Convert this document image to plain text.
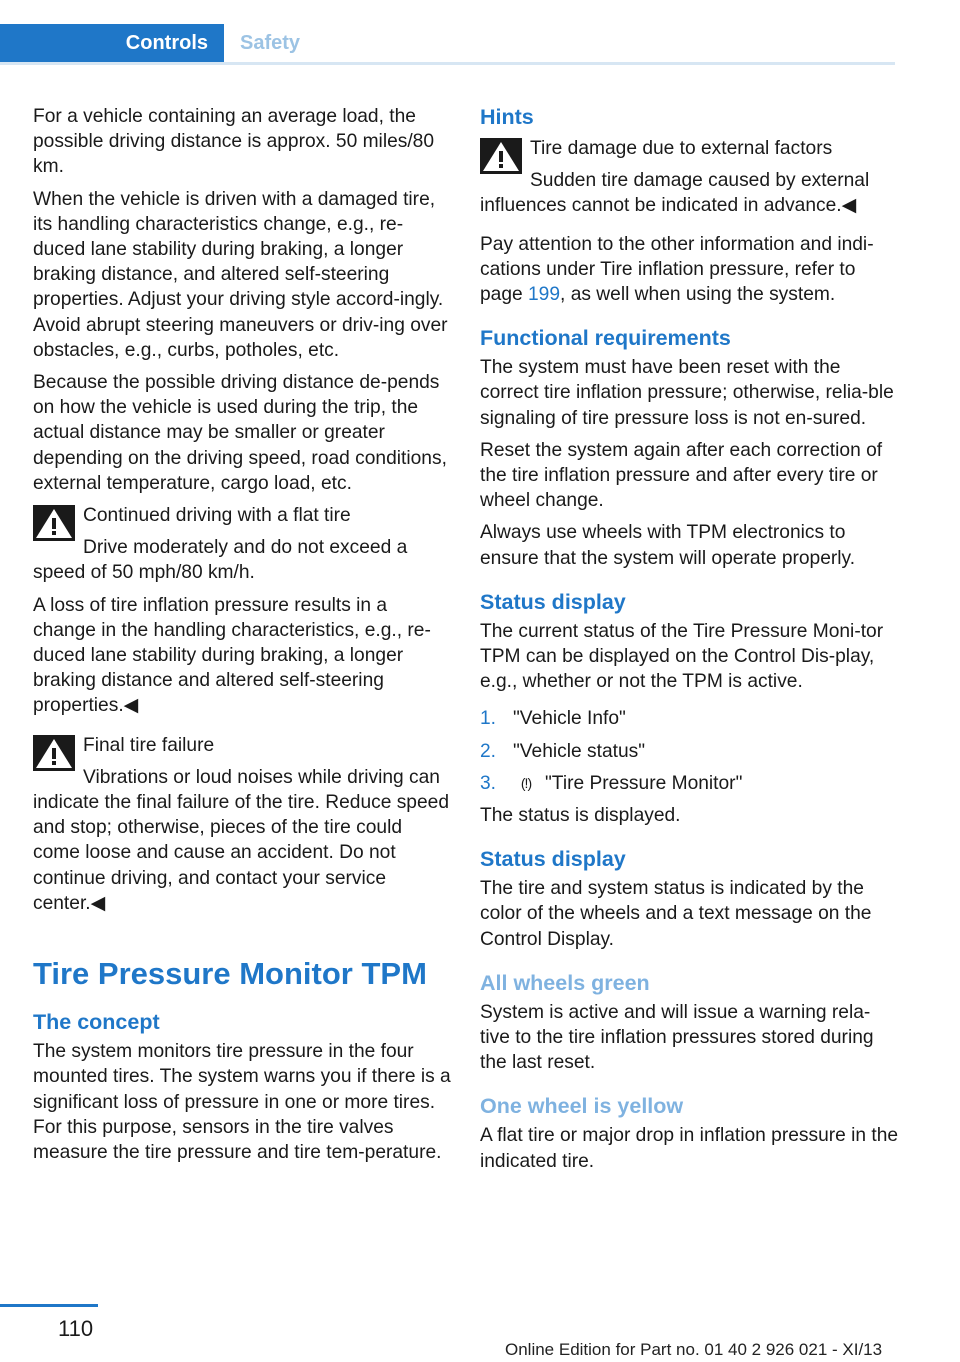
Controls	Safety

For a vehicle containing an average load, the possible driving distance is approx. 50 miles/80 km.

When the vehicle is driven with a damaged tire, its handling characteristics change, e.g., re‐duced lane stability during braking, a longer braking distance, and altered self-steering properties. Adjust your driving style accord‐ingly. Avoid abrupt steering maneuvers or driv‐ing over obstacles, e.g., curbs, potholes, etc.

Because the possible driving distance de‐pends on how the vehicle is used during the trip, the actual distance may be smaller or greater depending on the driving speed, road conditions, external temperature, cargo load, etc.

Continued driving with a flat tire

Drive moderately and do not exceed a speed of 50 mph/80 km/h.

A loss of tire inflation pressure results in a change in the handling characteristics, e.g., re‐duced lane stability during braking, a longer braking distance and altered self-steering properties.◀

Final tire failure

Vibrations or loud noises while driving can indicate the final failure of the tire. Reduce speed and stop; otherwise, pieces of the tire could come loose and cause an accident. Do not continue driving, and contact your service center.◀

Tire Pressure Monitor TPM
The concept

The system monitors tire pressure in the four mounted tires. The system warns you if there is a significant loss of pressure in one or more tires. For this purpose, sensors in the tire valves measure the tire pressure and tire tem‐perature.

Hints

Tire damage due to external factors

Sudden tire damage caused by external influences cannot be indicated in advance.◀

Pay attention to the other information and indi‐cations under Tire inflation pressure, refer to page 199, as well when using the system.

Functional requirements

The system must have been reset with the correct tire inflation pressure; otherwise, relia‐ble signaling of tire pressure loss is not en‐sured.

Reset the system again after each correction of the tire inflation pressure and after every tire or wheel change.

Always use wheels with TPM electronics to ensure that the system will operate properly.

Status display

The current status of the Tire Pressure Moni‐tor TPM can be displayed on the Control Dis‐play, e.g., whether or not the TPM is active.

1. "Vehicle Info"
2. "Vehicle status"
3.	(!) "Tire Pressure Monitor"

The status is displayed.

Status display

The tire and system status is indicated by the color of the wheels and a text message on the Control Display.

All wheels green

System is active and will issue a warning rela‐tive to the tire inflation pressures stored during the last reset.

One wheel is yellow

A flat tire or major drop in inflation pressure in the indicated tire.

110
Online Edition for Part no. 01 40 2 926 021 - XI/13
